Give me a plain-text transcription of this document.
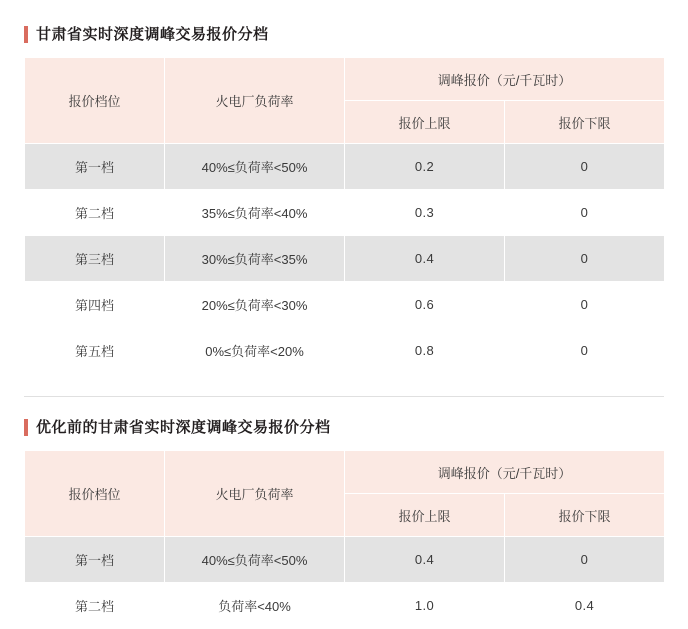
甘肃省实时深度调峰交易报价分档
报价档位	火电厂负荷率	调峰报价（元/千瓦时）	
		报价上限	报价下限
第一档	40%≤负荷率<50%	0.2	0
第二档	35%≤负荷率<40%	0.3	0
第三档	30%≤负荷率<35%	0.4	0
第四档	20%≤负荷率<30%	0.6	0
第五档	0%≤负荷率<20%	0.8	0
优化前的甘肃省实时深度调峰交易报价分档
报价档位	火电厂负荷率	调峰报价（元/千瓦时）	
		报价上限	报价下限
第一档	40%≤负荷率<50%	0.4	0
第二档	负荷率<40%	1.0	0.4
